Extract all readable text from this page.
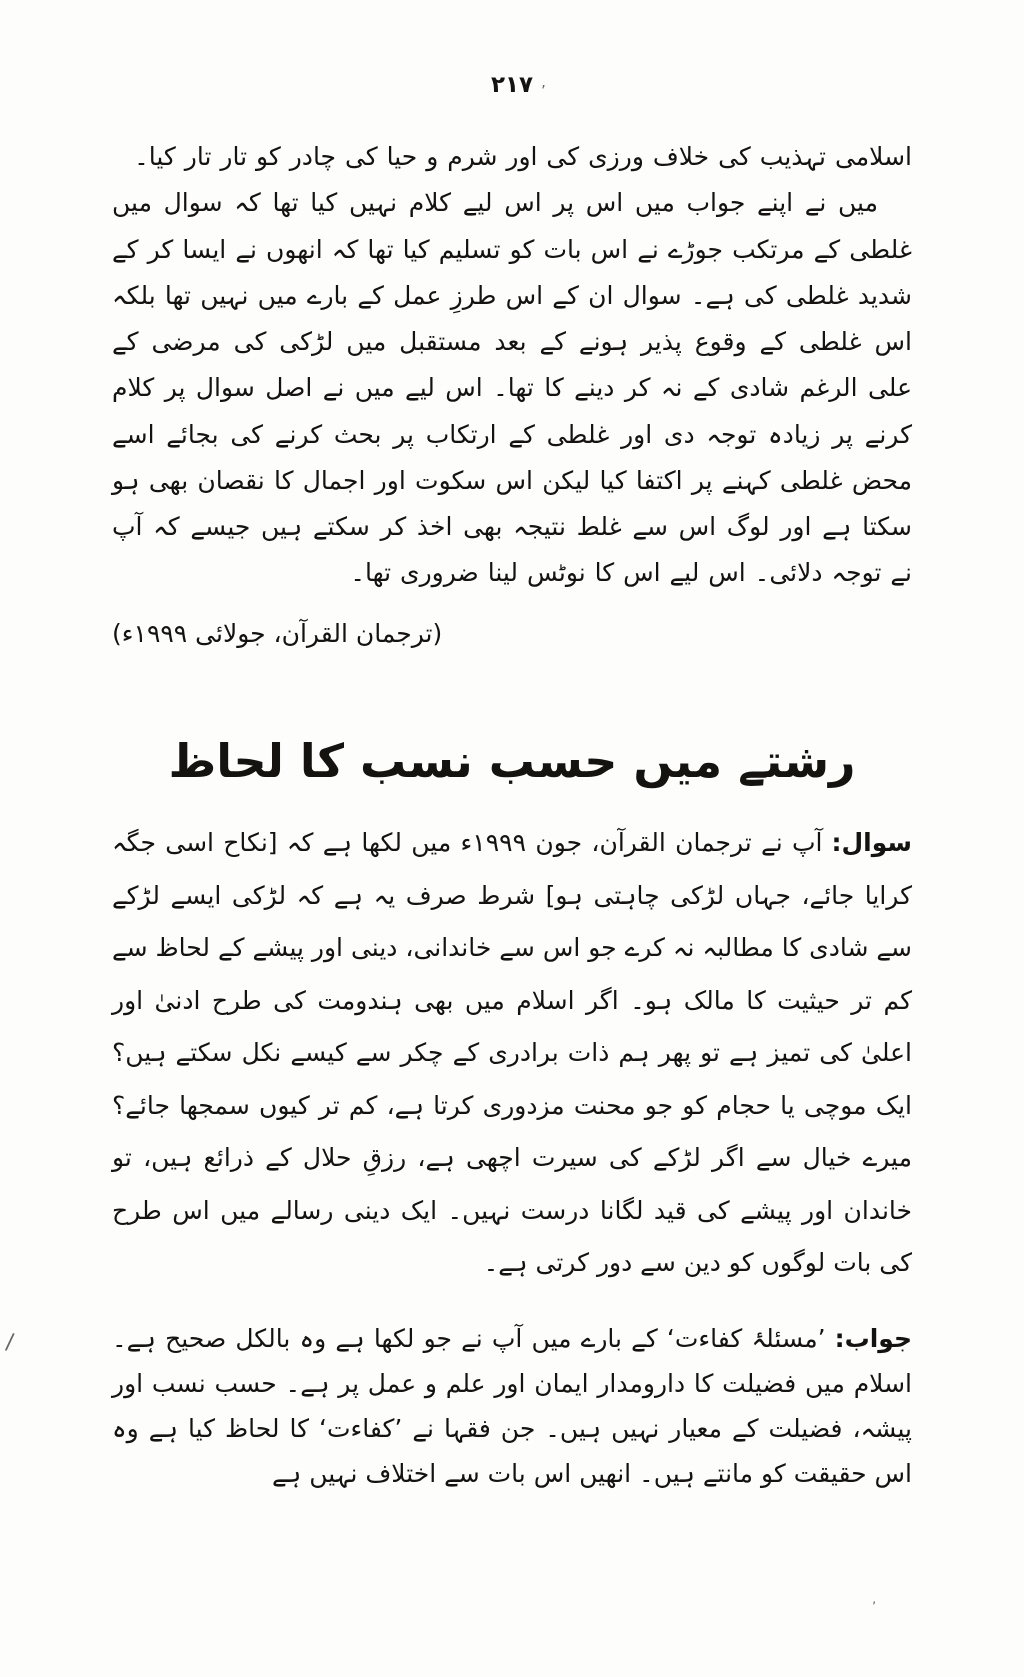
۲۱۷

اسلامی تہذیب کی خلاف ورزی کی اور شرم و حیا کی چادر کو تار تار کیا۔

میں نے اپنے جواب میں اس پر اس لیے کلام نہیں کیا تھا کہ سوال میں غلطی کے مرتکب جوڑے نے اس بات کو تسلیم کیا تھا کہ انھوں نے ایسا کر کے شدید غلطی کی ہے۔ سوال ان کے اس طرزِ عمل کے بارے میں نہیں تھا بلکہ اس غلطی کے وقوع پذیر ہونے کے بعد مستقبل میں لڑکی کی مرضی کے علی الرغم شادی کے نہ کر دینے کا تھا۔ اس لیے میں نے اصل سوال پر کلام کرنے پر زیادہ توجہ دی اور غلطی کے ارتکاب پر بحث کرنے کی بجائے اسے محض غلطی کہنے پر اکتفا کیا لیکن اس سکوت اور اجمال کا نقصان بھی ہو سکتا ہے اور لوگ اس سے غلط نتیجہ بھی اخذ کر سکتے ہیں جیسے کہ آپ نے توجہ دلائی۔ اس لیے اس کا نوٹس لینا ضروری تھا۔

(ترجمان القرآن، جولائی ۱۹۹۹ء)

رشتے میں حسب نسب کا لحاظ

سوال:آپ نے ترجمان القرآن، جون ۱۹۹۹ء میں لکھا ہے کہ [نکاح اسی جگہ کرایا جائے، جہاں لڑکی چاہتی ہو] شرط صرف یہ ہے کہ لڑکی ایسے لڑکے سے شادی کا مطالبہ نہ کرے جو اس سے خاندانی، دینی اور پیشے کے لحاظ سے کم تر حیثیت کا مالک ہو۔ اگر اسلام میں بھی ہندومت کی طرح ادنیٰ اور اعلیٰ کی تمیز ہے تو پھر ہم ذات برادری کے چکر سے کیسے نکل سکتے ہیں؟ ایک موچی یا حجام کو جو محنت مزدوری کرتا ہے، کم تر کیوں سمجھا جائے؟ میرے خیال سے اگر لڑکے کی سیرت اچھی ہے، رزقِ حلال کے ذرائع ہیں، تو خاندان اور پیشے کی قید لگانا درست نہیں۔ ایک دینی رسالے میں اس طرح کی بات لوگوں کو دین سے دور کرتی ہے۔

جواب:’مسئلۂ کفاءت‘ کے بارے میں آپ نے جو لکھا ہے وہ بالکل صحیح ہے۔ اسلام میں فضیلت کا دارومدار ایمان اور علم و عمل پر ہے۔ حسب نسب اور پیشہ، فضیلت کے معیار نہیں ہیں۔ جن فقہا نے ’کفاءت‘ کا لحاظ کیا ہے وہ اس حقیقت کو مانتے ہیں۔ انھیں اس بات سے اختلاف نہیں ہے

’
/
٬
